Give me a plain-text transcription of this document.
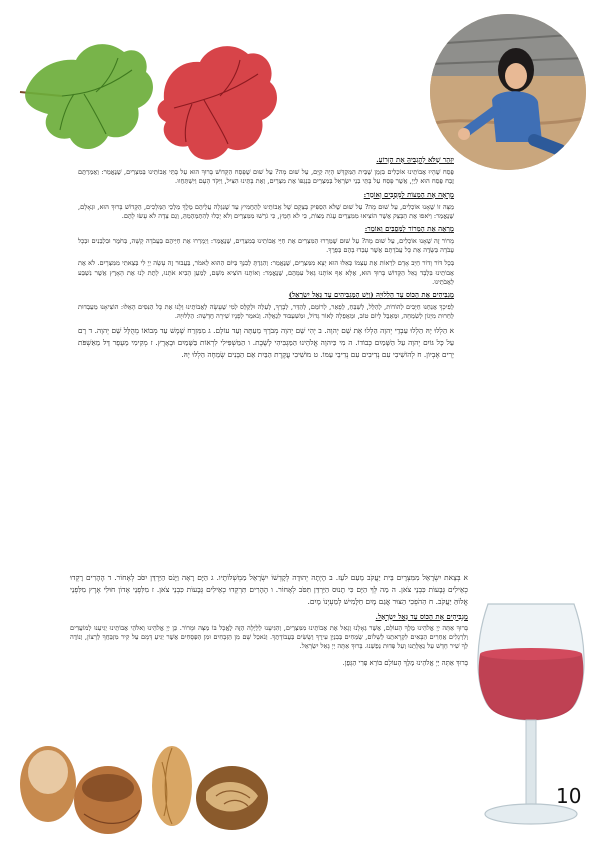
יִזָּהֵר שֶׁלֹּא לְהַגְבִּיהַּ אֶת הַזְּרוֹעַ.

פֶּסַח שֶׁהָיוּ אֲבוֹתֵינוּ אוֹכְלִים בִּזְמַן שֶׁבֵּית הַמִּקְדָּשׁ הָיָה קַיָּם, עַל שׁוּם מָה? עַל שׁוּם שֶׁפָּסַח הַקָּדוֹשׁ בָּרוּךְ הוּא עַל בָּתֵּי אֲבוֹתֵינוּ בְּמִצְרַיִם, שֶׁנֶּאֱמַר: וַאֲמַרְתֶּם זֶבַח פֶּסַח הוּא לַיְיָ, אֲשֶׁר פָּסַח עַל בָּתֵּי בְנֵי יִשְׂרָאֵל בְּמִצְרַיִם בְּנָגְפּוֹ אֶת מִצְרַיִם, וְאֶת בָּתֵּינוּ הִצִּיל, וַיִּקֹּד הָעָם וַיִּשְׁתַּחֲווּ.

מַרְאֶה אֶת הַמַּצּוֹת לַמְּסֻבִּים וְאוֹמֵר:

מַצָּה זוֹ שֶׁאָנוּ אוֹכְלִים, עַל שׁוּם מָה? עַל שׁוּם שֶׁלֹּא הִסְפִּיק בְּצֵקָם שֶׁל אֲבוֹתֵינוּ לְהַחֲמִיץ עַד שֶׁנִּגְלָה עֲלֵיהֶם מֶלֶךְ מַלְכֵי הַמְּלָכִים, הַקָּדוֹשׁ בָּרוּךְ הוּא, וּגְאָלָם, שֶׁנֶּאֱמַר: וַיֹּאפוּ אֶת הַבָּצֵק אֲשֶׁר הוֹצִיאוּ מִמִּצְרַיִם עֻגֹת מַצּוֹת, כִּי לֹא חָמֵץ, כִּי גֹרְשׁוּ מִמִּצְרַיִם וְלֹא יָכְלוּ לְהִתְמַהְמֵהַּ, וְגַם צֵדָה לֹא עָשׂוּ לָהֶם.

מַרְאֶה אֶת הַמָּרוֹר לַמְּסֻבִּים וְאוֹמֵר:

מָרוֹר זֶה שֶׁאָנוּ אוֹכְלִים, עַל שׁוּם מָה? עַל שׁוּם שֶׁמֵּרְרוּ הַמִּצְרִים אֶת חַיֵּי אֲבוֹתֵינוּ בְּמִצְרַיִם, שֶׁנֶּאֱמַר: וַיְמָרְרוּ אֶת חַיֵּיהֶם בַּעֲבֹדָה קָשָׁה, בְּחֹמֶר וּבִלְבֵנִים וּבְכָל עֲבֹדָה בַּשָּׂדֶה אֶת כָּל עֲבֹדָתָם אֲשֶׁר עָבְדוּ בָהֶם בְּפָרֶךְ.

בְּכָל דּוֹר וָדוֹר חַיָּב אָדָם לִרְאוֹת אֶת עַצְמוֹ כְּאִלּוּ הוּא יָצָא מִמִּצְרַיִם, שֶׁנֶּאֱמַר: וְהִגַּדְתָּ לְבִנְךָ בַּיּוֹם הַהוּא לֵאמֹר, בַּעֲבוּר זֶה עָשָׂה יְיָ לִי בְּצֵאתִי מִמִּצְרָיִם. לֹא אֶת אֲבוֹתֵינוּ בִּלְבָד גָּאַל הַקָּדוֹשׁ בָּרוּךְ הוּא, אֶלָּא אַף אוֹתָנוּ גָּאַל עִמָּהֶם, שֶׁנֶּאֱמַר: וְאוֹתָנוּ הוֹצִיא מִשָּׁם, לְמַעַן הָבִיא אֹתָנוּ, לָתֶת לָנוּ אֶת הָאָרֶץ אֲשֶׁר נִשְׁבַּע לַאֲבֹתֵינוּ.

מַגְבִּיהִים אֶת הַכּוֹס עַד הַלְלוּיָהּ (וְיֵשׁ הַמַּגְבִּיהִים עַד גָּאַל יִשְׂרָאֵל)

לְפִיכָךְ אֲנַחְנוּ חַיָּבִים לְהוֹדוֹת, לְהַלֵּל, לְשַׁבֵּחַ, לְפָאֵר, לְרוֹמֵם, לְהַדֵּר, לְבָרֵךְ, לְעַלֵּה וּלְקַלֵּס לְמִי שֶׁעָשָׂה לַאֲבוֹתֵינוּ וְלָנוּ אֶת כָּל הַנִּסִּים הָאֵלּוּ: הוֹצִיאָנוּ מֵעַבְדוּת לְחֵרוּת מִיָּגוֹן לְשִׂמְחָה, וּמֵאֵבֶל לְיוֹם טוֹב, וּמֵאֲפֵלָה לְאוֹר גָּדוֹל, וּמִשִּׁעְבּוּד לִגְאֻלָּה. וְנֹאמַר לְפָנָיו שִׁירָה חֲדָשָׁה: הַלְלוּיָהּ.

א הַלְלוּ יָהּ הַלְלוּ עַבְדֵי יְהוָה הַלְלוּ אֶת שֵׁם יְהוָה. ב יְהִי שֵׁם יְהוָה מְבֹרָךְ מֵעַתָּה וְעַד עוֹלָם. ג מִמִּזְרַח שֶׁמֶשׁ עַד מְבוֹאוֹ מְהֻלָּל שֵׁם יְהוָה. ד רָם עַל כָּל גּוֹיִם יְהוָה עַל הַשָּׁמַיִם כְּבוֹדוֹ. ה מִי כַּיהוָה אֱלֹהֵינוּ הַמַּגְבִּיהִי לָשָׁבֶת. ו הַמַּשְׁפִּילִי לִרְאוֹת בַּשָּׁמַיִם וּבָאָרֶץ. ז מְקִימִי מֵעָפָר דָּל מֵאַשְׁפֹּת יָרִים אֶבְיוֹן. ח לְהוֹשִׁיבִי עִם נְדִיבִים עִם נְדִיבֵי עַמּוֹ. ט מוֹשִׁיבִי עֲקֶרֶת הַבַּיִת אֵם הַבָּנִים שְׂמֵחָה הַלְלוּ יָהּ.

א בְּצֵאת יִשְׂרָאֵל מִמִּצְרָיִם בֵּית יַעֲקֹב מֵעַם לֹעֵז. ב הָיְתָה יְהוּדָה לְקָדְשׁוֹ יִשְׂרָאֵל מַמְשְׁלוֹתָיו. ג הַיָּם רָאָה וַיָּנֹס הַיַּרְדֵּן יִסֹּב לְאָחוֹר. ד הֶהָרִים רָקְדוּ כְאֵילִים גְּבָעוֹת כִּבְנֵי צֹאן. ה מַה לְּךָ הַיָּם כִּי תָנוּס הַיַּרְדֵּן תִּסֹּב לְאָחוֹר. ו הֶהָרִים תִּרְקְדוּ כְאֵילִים גְּבָעוֹת כִּבְנֵי צֹאן. ז מִלִּפְנֵי אָדוֹן חוּלִי אָרֶץ מִלִּפְנֵי אֱלוֹהַּ יַעֲקֹב. ח הַהֹפְכִי הַצּוּר אֲגַם מָיִם חַלָּמִישׁ לְמַעְיְנוֹ מָיִם.

מַגְבִּיהִים אֶת הַכּוֹס עַד גָּאַל יִשְׂרָאֵל.

בָּרוּךְ אַתָּה יְיָ אֱלֹהֵינוּ מֶלֶךְ הָעוֹלָם, אֲשֶׁר גְּאָלָנוּ וְגָאַל אֶת אֲבוֹתֵינוּ מִמִּצְרַיִם, וְהִגִּיעָנוּ לַלַּיְלָה הַזֶּה לֶאֱכָל בּוֹ מַצָּה וּמָרוֹר. כֵּן יְיָ אֱלֹהֵינוּ וֵאלֹהֵי אֲבוֹתֵינוּ יַגִּיעֵנוּ לְמוֹעֲדִים וְלִרְגָלִים אֲחֵרִים הַבָּאִים לִקְרָאתֵנוּ לְשָׁלוֹם, שְׂמֵחִים בְּבִנְיַן עִירֶךָ וְשָׂשִׂים בַּעֲבוֹדָתֶךָ. וְנֹאכַל שָׁם מִן הַזְּבָחִים וּמִן הַפְּסָחִים אֲשֶׁר יַגִּיעַ דָּמָם עַל קִיר מִזְבַּחֲךָ לְרָצוֹן, וְנוֹדֶה לְךָ שִׁיר חָדָשׁ עַל גְּאֻלָּתֵנוּ וְעַל פְּדוּת נַפְשֵׁנוּ. בָּרוּךְ אַתָּה יְיָ גָּאַל יִשְׂרָאֵל.

בָּרוּךְ אַתָּה יְיָ אֱלֹהֵינוּ מֶלֶךְ הָעוֹלָם בּוֹרֵא פְּרִי הַגָּפֶן.

10
